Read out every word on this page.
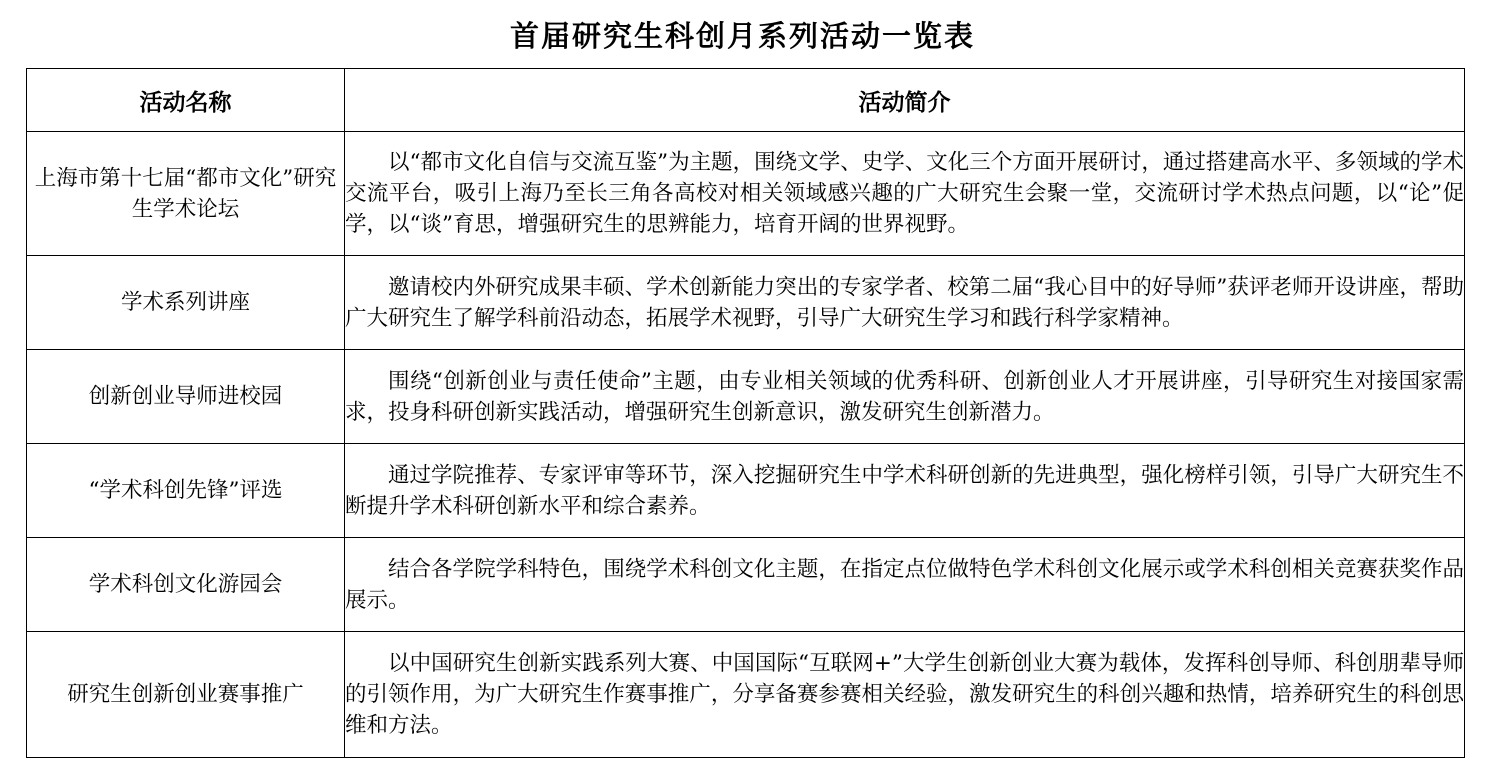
首届研究生科创月系列活动一览表
活动名称	活动简介
上海市第十七届“都市文化”研究生学术论坛	以“都市文化自信与交流互鉴”为主题，围绕文学、史学、文化三个方面开展研讨，通过搭建高水平、多领域的学术交流平台，吸引上海乃至长三角各高校对相关领域感兴趣的广大研究生会聚一堂，交流研讨学术热点问题，以“论”促学，以“谈”育思，增强研究生的思辨能力，培育开阔的世界视野。

学术系列讲座	邀请校内外研究成果丰硕、学术创新能力突出的专家学者、校第二届“我心目中的好导师”获评老师开设讲座，帮助广大研究生了解学科前沿动态，拓展学术视野，引导广大研究生学习和践行科学家精神。

创新创业导师进校园	围绕“创新创业与责任使命”主题，由专业相关领域的优秀科研、创新创业人才开展讲座，引导研究生对接国家需求，投身科研创新实践活动，增强研究生创新意识，激发研究生创新潜力。

“学术科创先锋”评选	通过学院推荐、专家评审等环节，深入挖掘研究生中学术科研创新的先进典型，强化榜样引领，引导广大研究生不断提升学术科研创新水平和综合素养。

学术科创文化游园会	结合各学院学科特色，围绕学术科创文化主题，在指定点位做特色学术科创文化展示或学术科创相关竞赛获奖作品展示。

研究生创新创业赛事推广	以中国研究生创新实践系列大赛、中国国际“互联网+”大学生创新创业大赛为载体，发挥科创导师、科创朋辈导师的引领作用，为广大研究生作赛事推广，分享备赛参赛相关经验，激发研究生的科创兴趣和热情，培养研究生的科创思维和方法。
